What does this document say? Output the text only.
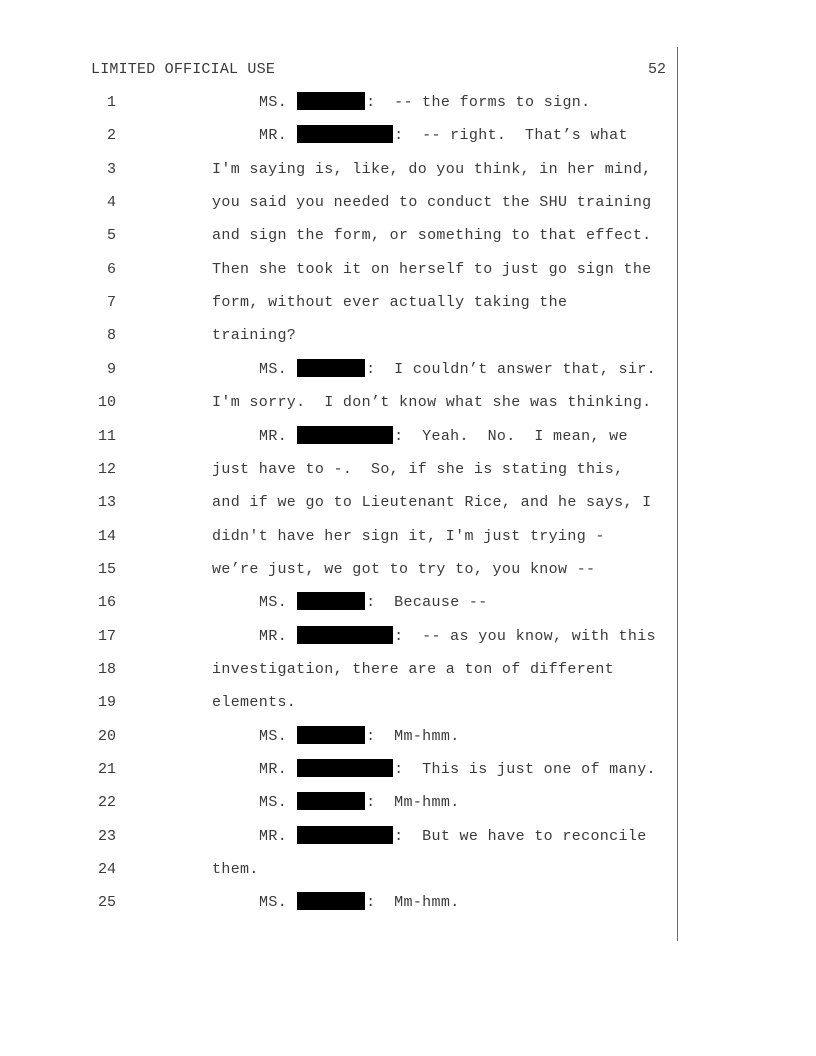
LIMITED OFFICIAL USE	52
1	MS.	:  -- the forms to sign.
2	MR.	:  -- right.  That’s what
3	I'm saying is, like, do you think, in her mind,
4	you said you needed to conduct the SHU training
5	and sign the form, or something to that effect.
6	Then she took it on herself to just go sign the
7	form, without ever actually taking the
8	training?
9	MS.	:  I couldn’t answer that, sir.
10	I'm sorry.  I don’t know what she was thinking.
11	MR.	:  Yeah.  No.  I mean, we
12	just have to -.  So, if she is stating this,
13	and if we go to Lieutenant Rice, and he says, I
14	didn't have her sign it, I'm just trying -
15	we’re just, we got to try to, you know --
16	MS.	:  Because --
17	MR.	:  -- as you know, with this
18	investigation, there are a ton of different
19	elements.
20	MS.	:  Mm-hmm.
21	MR.	:  This is just one of many.
22	MS.	:  Mm-hmm.
23	MR.	:  But we have to reconcile
24	them.
25	MS.	:  Mm-hmm.
